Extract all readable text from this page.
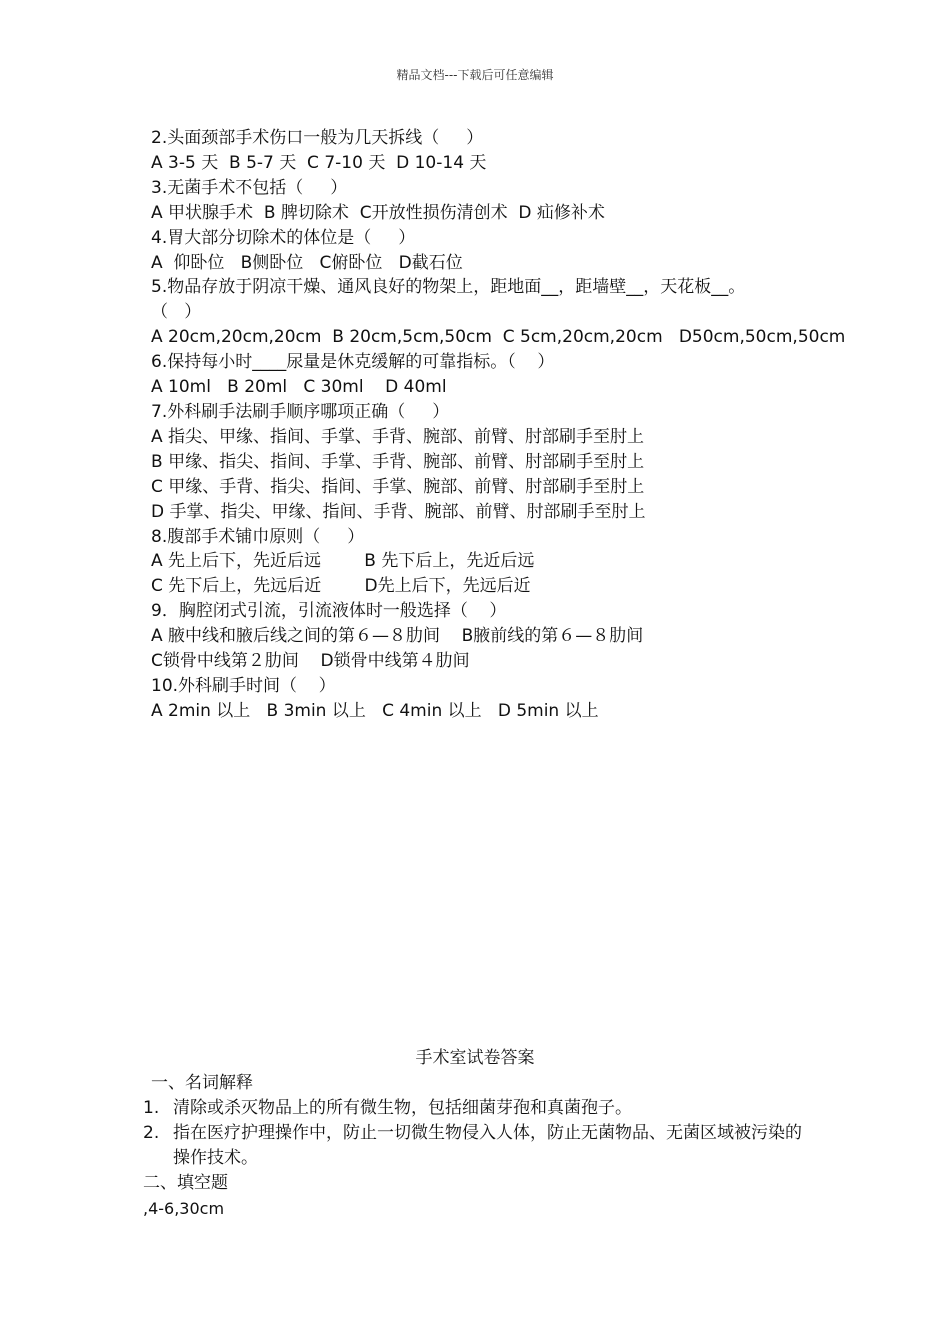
精品文档---下载后可任意编辑
2.头面颈部手术伤口一般为几天拆线（     ）
A 3-5 天  B 5-7 天  C 7-10 天  D 10-14 天
3.无菌手术不包括（     ）
A 甲状腺手术  B 脾切除术  C开放性损伤清创术  D 疝修补术
4.胃大部分切除术的体位是（     ）
A  仰卧位   B侧卧位   C俯卧位   D截石位
5.物品存放于阴凉干燥、通风良好的物架上，距地面__，距墙壁__，天花板__。
（   ）
A 20cm,20cm,20cm  B 20cm,5cm,50cm  C 5cm,20cm,20cm   D50cm,50cm,50cm
6.保持每小时____尿量是休克缓解的可靠指标。（    ）
A 10ml   B 20ml   C 30ml    D 40ml
7.外科刷手法刷手顺序哪项正确（     ）
A 指尖、甲缘、指间、手掌、手背、腕部、前臂、肘部刷手至肘上
B 甲缘、指尖、指间、手掌、手背、腕部、前臂、肘部刷手至肘上
C 甲缘、手背、指尖、指间、手掌、腕部、前臂、肘部刷手至肘上
D 手掌、指尖、甲缘、指间、手背、腕部、前臂、肘部刷手至肘上
8.腹部手术铺巾原则（     ）
A 先上后下，先近后远        B 先下后上，先近后远
C 先下后上，先远后近        D先上后下，先远后近
9．胸腔闭式引流，引流液体时一般选择（    ）
A 腋中线和腋后线之间的第６—８肋间    B腋前线的第６—８肋间
C锁骨中线第２肋间    D锁骨中线第４肋间
10.外科刷手时间（    ）
A 2min 以上   B 3min 以上   C 4min 以上   D 5min 以上
手术室试卷答案
一、名词解释
1. 清除或杀灭物品上的所有微生物，包括细菌芽孢和真菌孢子。
2. 指在医疗护理操作中，防止一切微生物侵入人体，防止无菌物品、无菌区域被污染的操作技术。
二、填空题
,4-6,30cm
